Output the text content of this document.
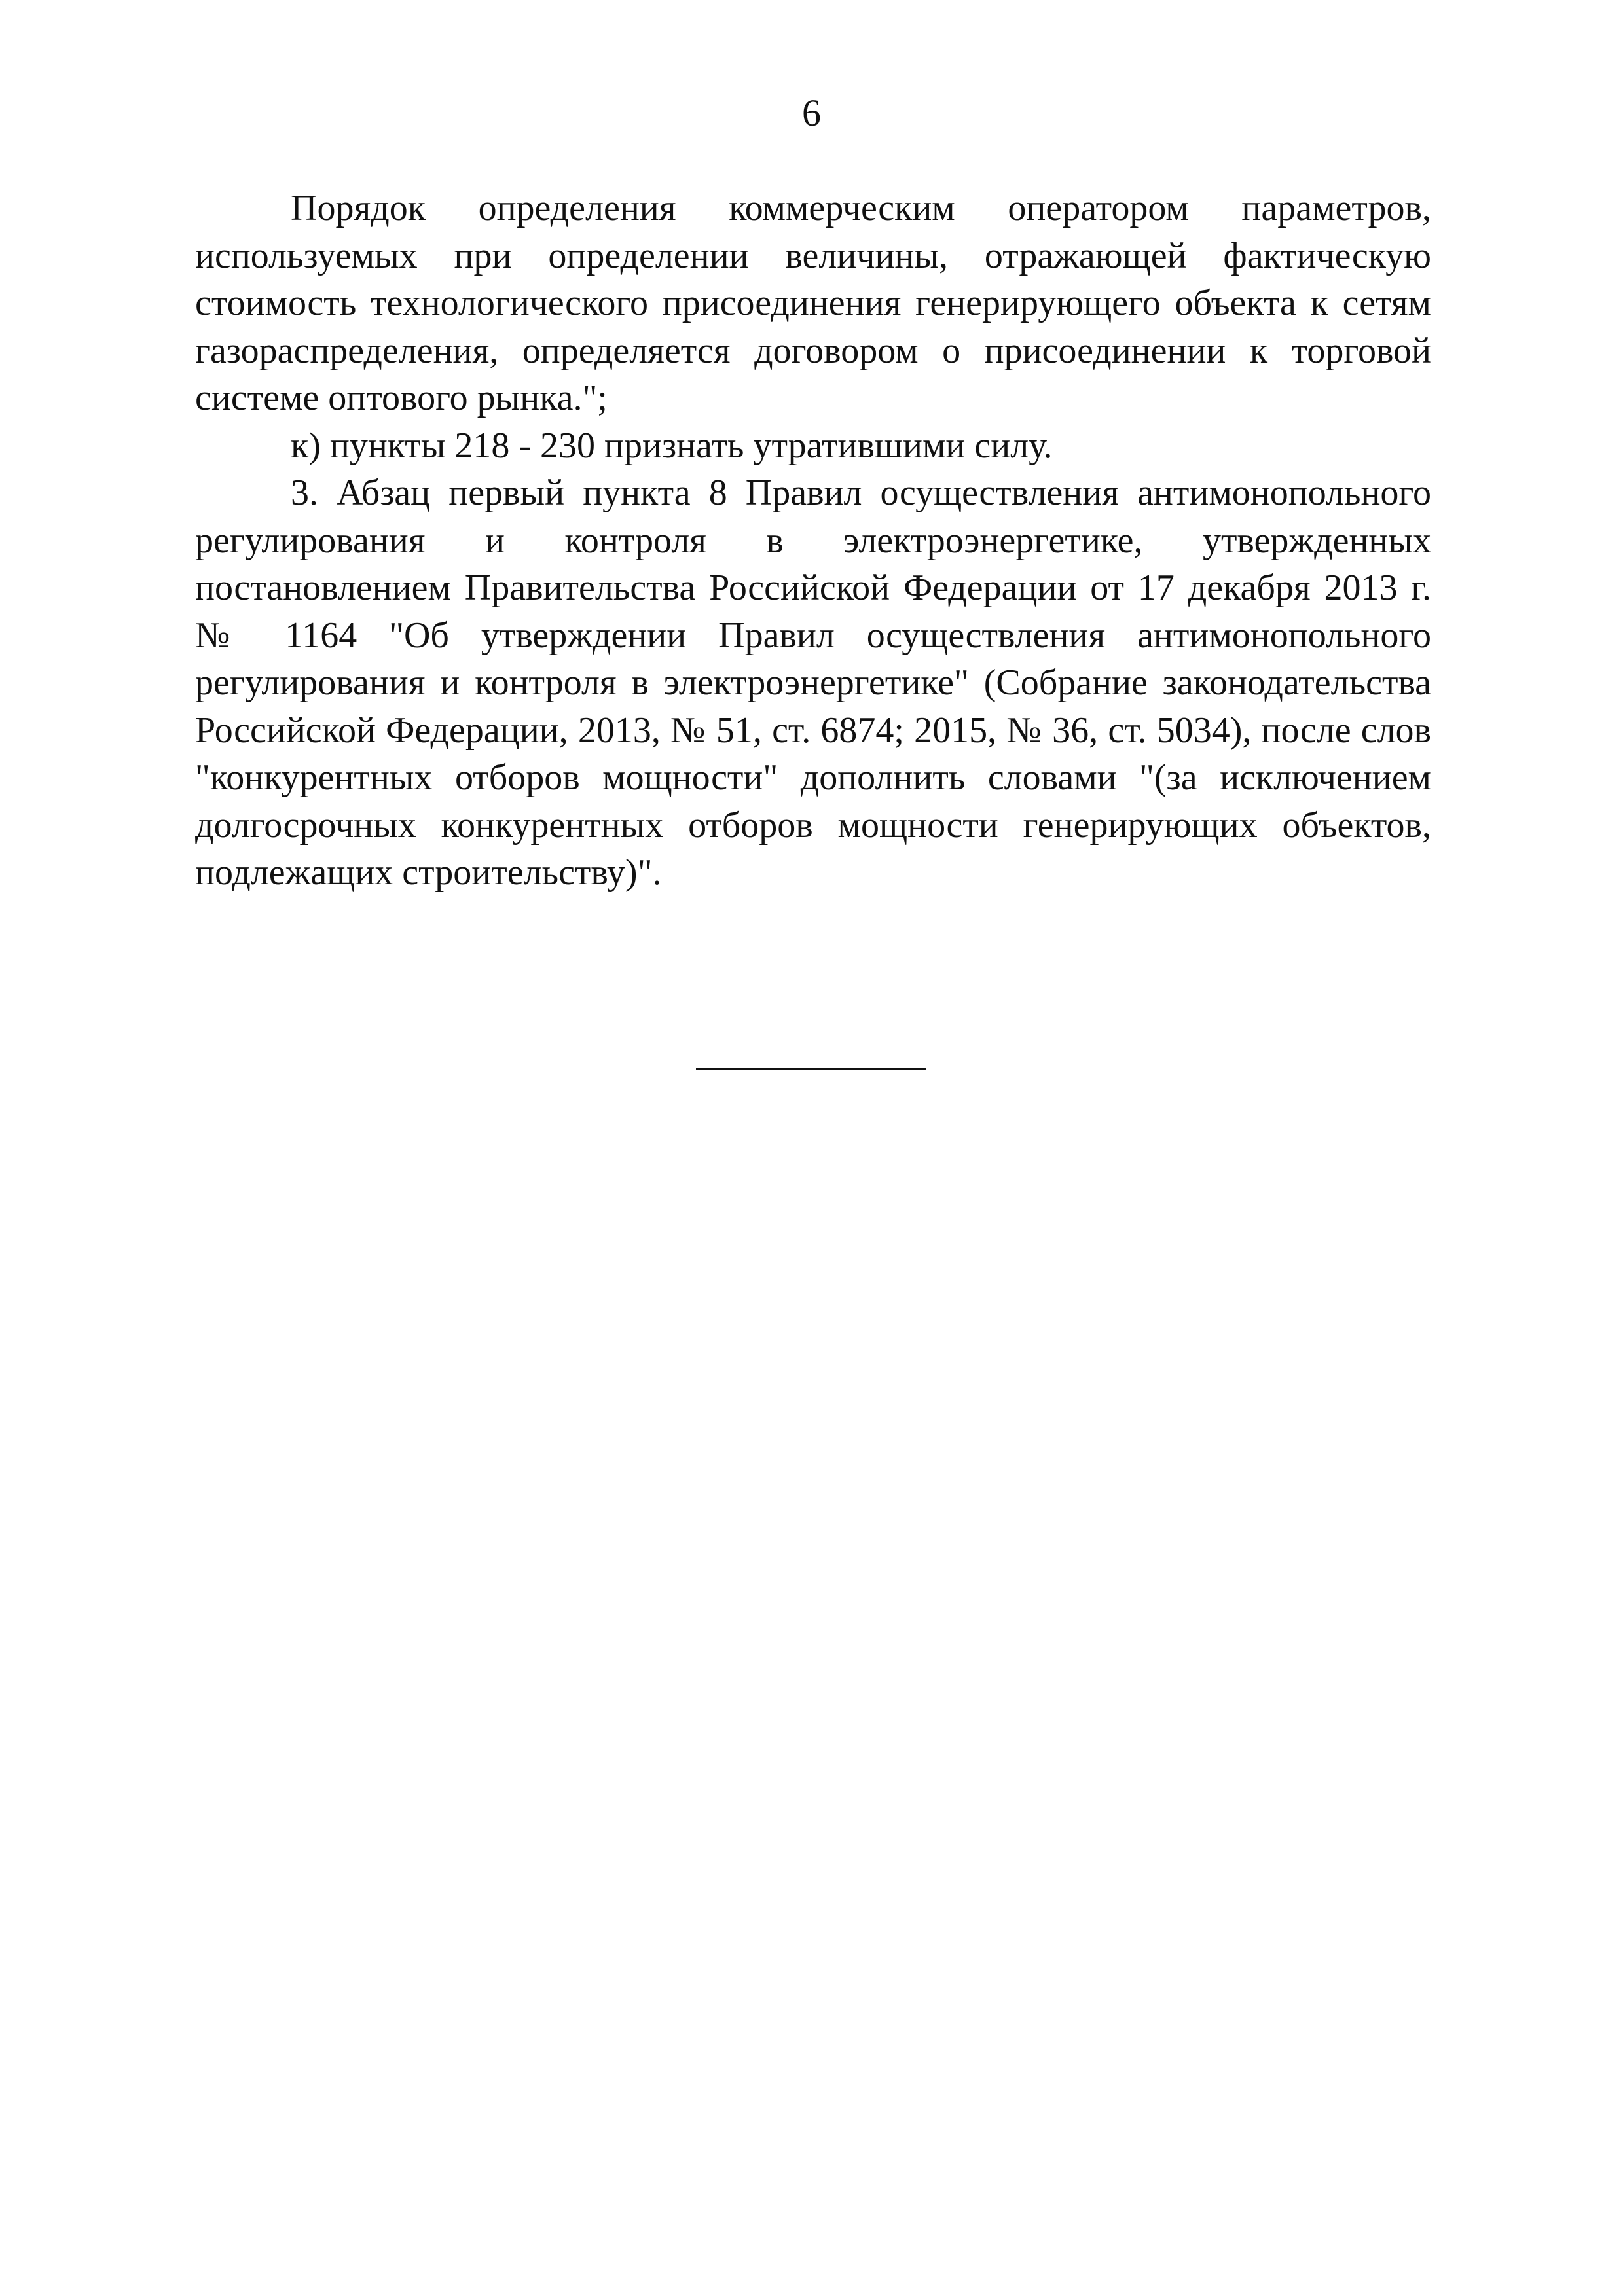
6

Порядок определения коммерческим оператором параметров, используемых при определении величины, отражающей фактическую стоимость технологического присоединения генерирующего объекта к сетям газораспределения, определяется договором о присоединении к торговой системе оптового рынка.";

к) пункты 218 - 230 признать утратившими силу.

3. Абзац первый пункта 8 Правил осуществления антимонопольного регулирования и контроля в электроэнергетике, утвержденных постановлением Правительства Российской Федерации от 17 декабря 2013 г. № 1164 "Об утверждении Правил осуществления антимонопольного регулирования и контроля в электроэнергетике" (Собрание законодательства Российской Федерации, 2013, № 51, ст. 6874; 2015, № 36, ст. 5034), после слов "конкурентных отборов мощности" дополнить словами "(за исключением долгосрочных конкурентных отборов мощности генерирующих объектов, подлежащих строительству)".
